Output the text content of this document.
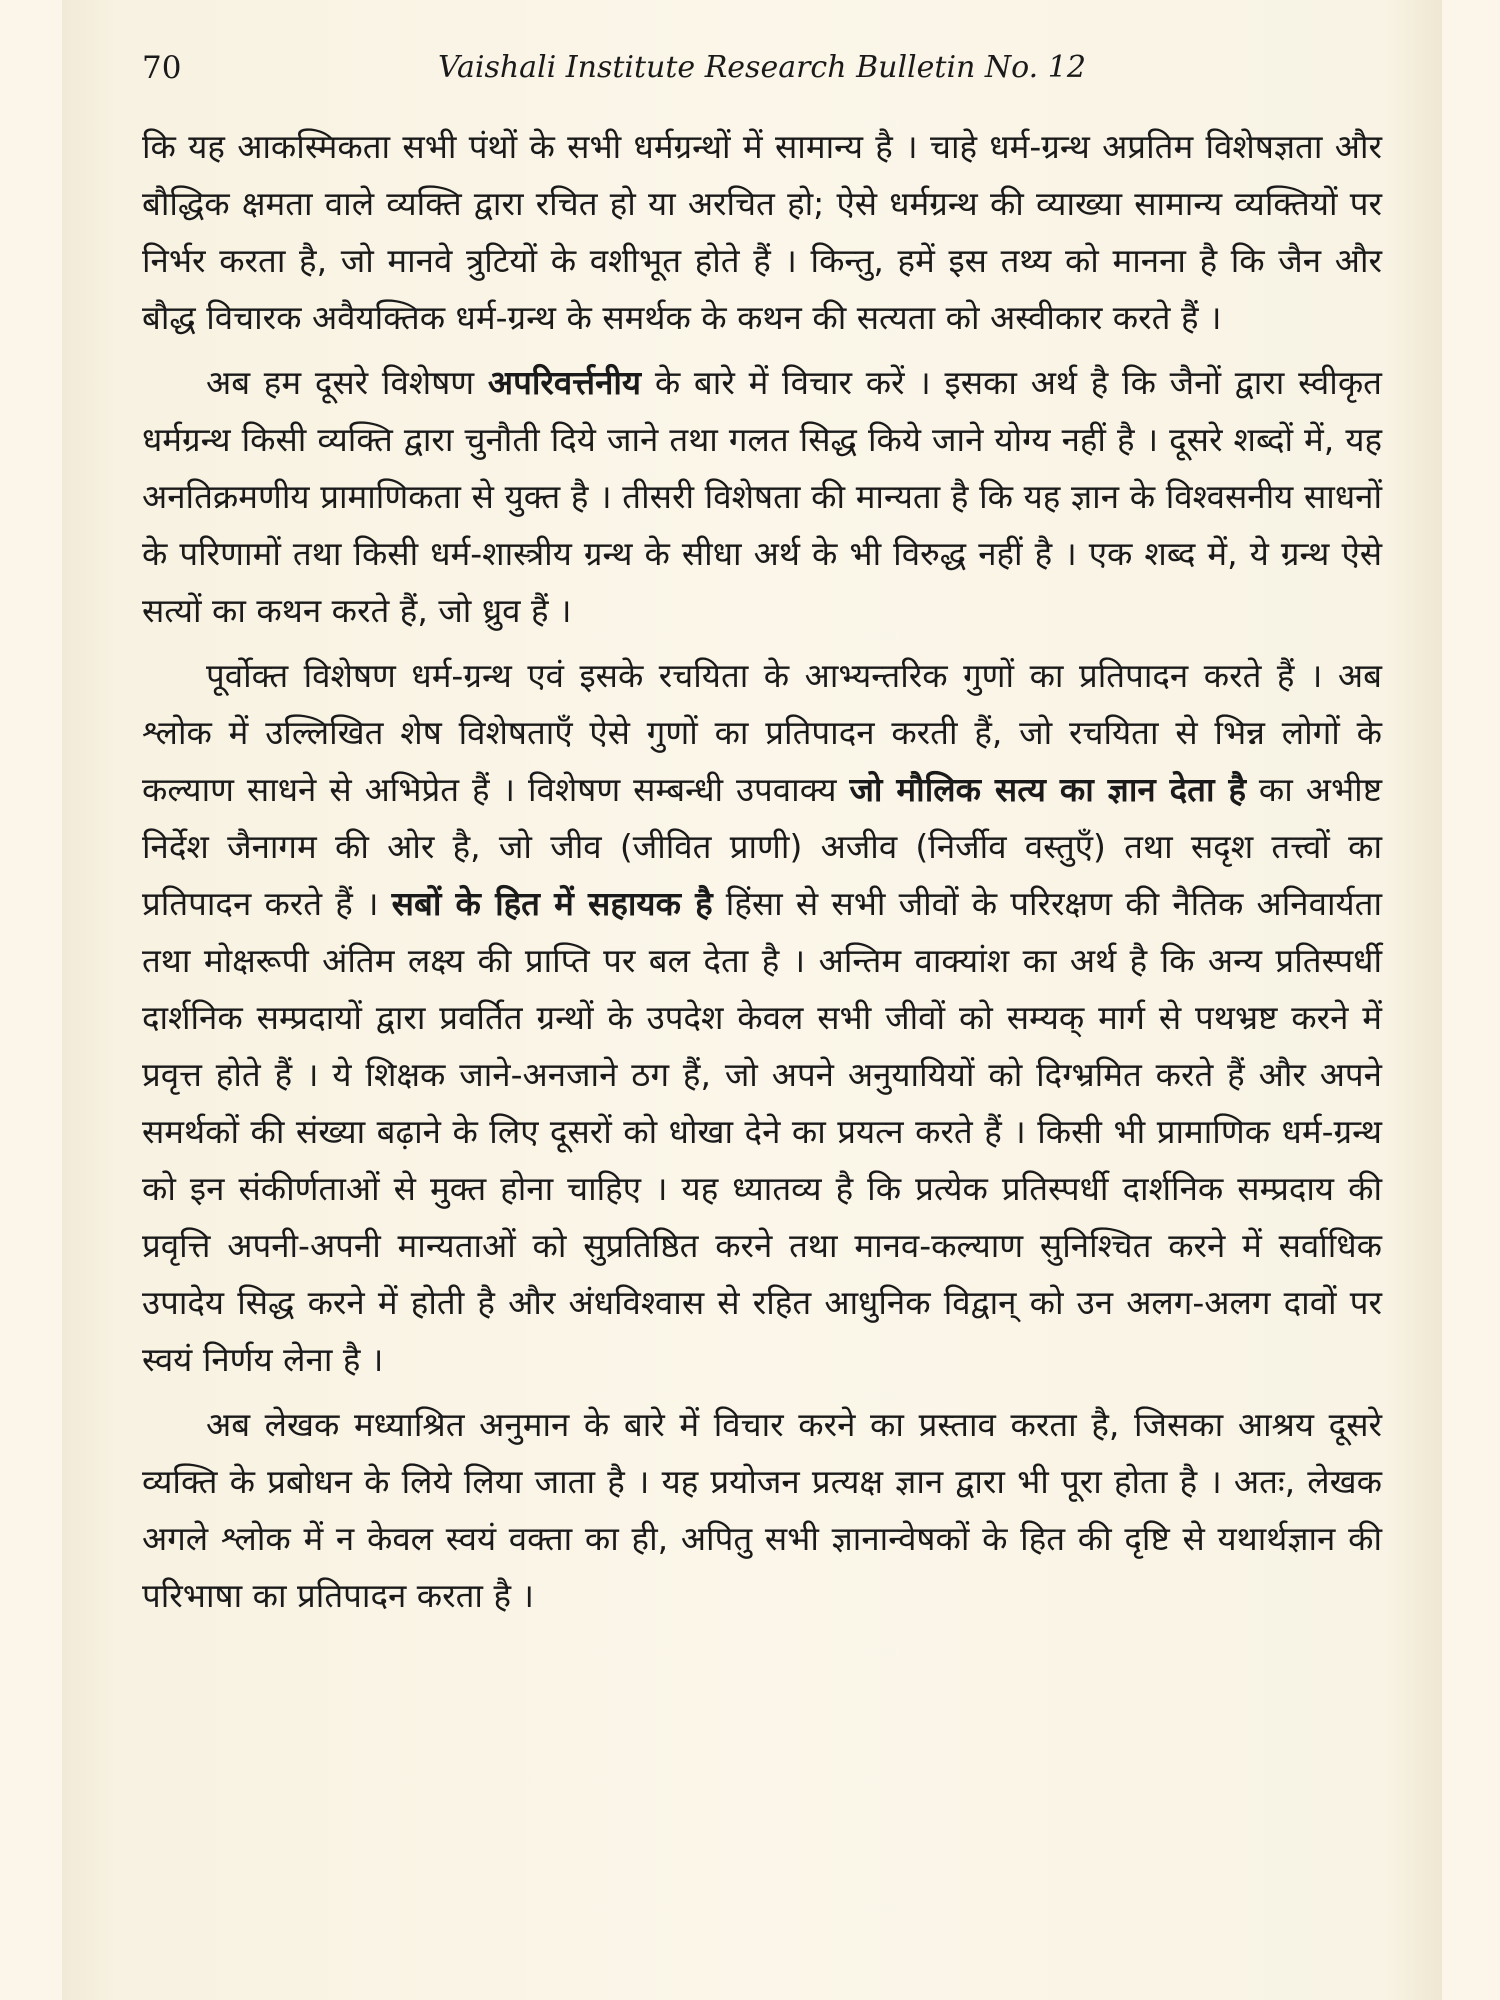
70	Vaishali Institute Research Bulletin No. 12

कि यह आकस्मिकता सभी पंथों के सभी धर्मग्रन्थों में सामान्य है । चाहे धर्म-ग्रन्थ अप्रतिम विशेषज्ञता और बौद्धिक क्षमता वाले व्यक्ति द्वारा रचित हो या अरचित हो; ऐसे धर्मग्रन्थ की व्याख्या सामान्य व्यक्तियों पर निर्भर करता है, जो मानवे त्रुटियों के वशीभूत होते हैं । किन्तु, हमें इस तथ्य को मानना है कि जैन और बौद्ध विचारक अवैयक्तिक धर्म-ग्रन्थ के समर्थक के कथन की सत्यता को अस्वीकार करते हैं ।

अब हम दूसरे विशेषण अपरिवर्त्तनीय के बारे में विचार करें । इसका अर्थ है कि जैनों द्वारा स्वीकृत धर्मग्रन्थ किसी व्यक्ति द्वारा चुनौती दिये जाने तथा गलत सिद्ध किये जाने योग्य नहीं है । दूसरे शब्दों में, यह अनतिक्रमणीय प्रामाणिकता से युक्त है । तीसरी विशेषता की मान्यता है कि यह ज्ञान के विश्वसनीय साधनों के परिणामों तथा किसी धर्म-शास्त्रीय ग्रन्थ के सीधा अर्थ के भी विरुद्ध नहीं है । एक शब्द में, ये ग्रन्थ ऐसे सत्यों का कथन करते हैं, जो ध्रुव हैं ।

पूर्वोक्त विशेषण धर्म-ग्रन्थ एवं इसके रचयिता के आभ्यन्तरिक गुणों का प्रतिपादन करते हैं । अब श्लोक में उल्लिखित शेष विशेषताएँ ऐसे गुणों का प्रतिपादन करती हैं, जो रचयिता से भिन्न लोगों के कल्याण साधने से अभिप्रेत हैं । विशेषण सम्बन्धी उपवाक्य जो मौलिक सत्य का ज्ञान देता है का अभीष्ट निर्देश जैनागम की ओर है, जो जीव (जीवित प्राणी) अजीव (निर्जीव वस्तुएँ) तथा सदृश तत्त्वों का प्रतिपादन करते हैं । सबों के हित में सहायक है हिंसा से सभी जीवों के परिरक्षण की नैतिक अनिवार्यता तथा मोक्षरूपी अंतिम लक्ष्य की प्राप्ति पर बल देता है । अन्तिम वाक्यांश का अर्थ है कि अन्य प्रतिस्पर्धी दार्शनिक सम्प्रदायों द्वारा प्रवर्तित ग्रन्थों के उपदेश केवल सभी जीवों को सम्यक् मार्ग से पथभ्रष्ट करने में प्रवृत्त होते हैं । ये शिक्षक जाने-अनजाने ठग हैं, जो अपने अनुयायियों को दिग्भ्रमित करते हैं और अपने समर्थकों की संख्या बढ़ाने के लिए दूसरों को धोखा देने का प्रयत्न करते हैं । किसी भी प्रामाणिक धर्म-ग्रन्थ को इन संकीर्णताओं से मुक्त होना चाहिए । यह ध्यातव्य है कि प्रत्येक प्रतिस्पर्धी दार्शनिक सम्प्रदाय की प्रवृत्ति अपनी-अपनी मान्यताओं को सुप्रतिष्ठित करने तथा मानव-कल्याण सुनिश्चित करने में सर्वाधिक उपादेय सिद्ध करने में होती है और अंधविश्वास से रहित आधुनिक विद्वान् को उन अलग-अलग दावों पर स्वयं निर्णय लेना है ।

अब लेखक मध्याश्रित अनुमान के बारे में विचार करने का प्रस्ताव करता है, जिसका आश्रय दूसरे व्यक्ति के प्रबोधन के लिये लिया जाता है । यह प्रयोजन प्रत्यक्ष ज्ञान द्वारा भी पूरा होता है । अतः, लेखक अगले श्लोक में न केवल स्वयं वक्ता का ही, अपितु सभी ज्ञानान्वेषकों के हित की दृष्टि से यथार्थज्ञान की परिभाषा का प्रतिपादन करता है ।
